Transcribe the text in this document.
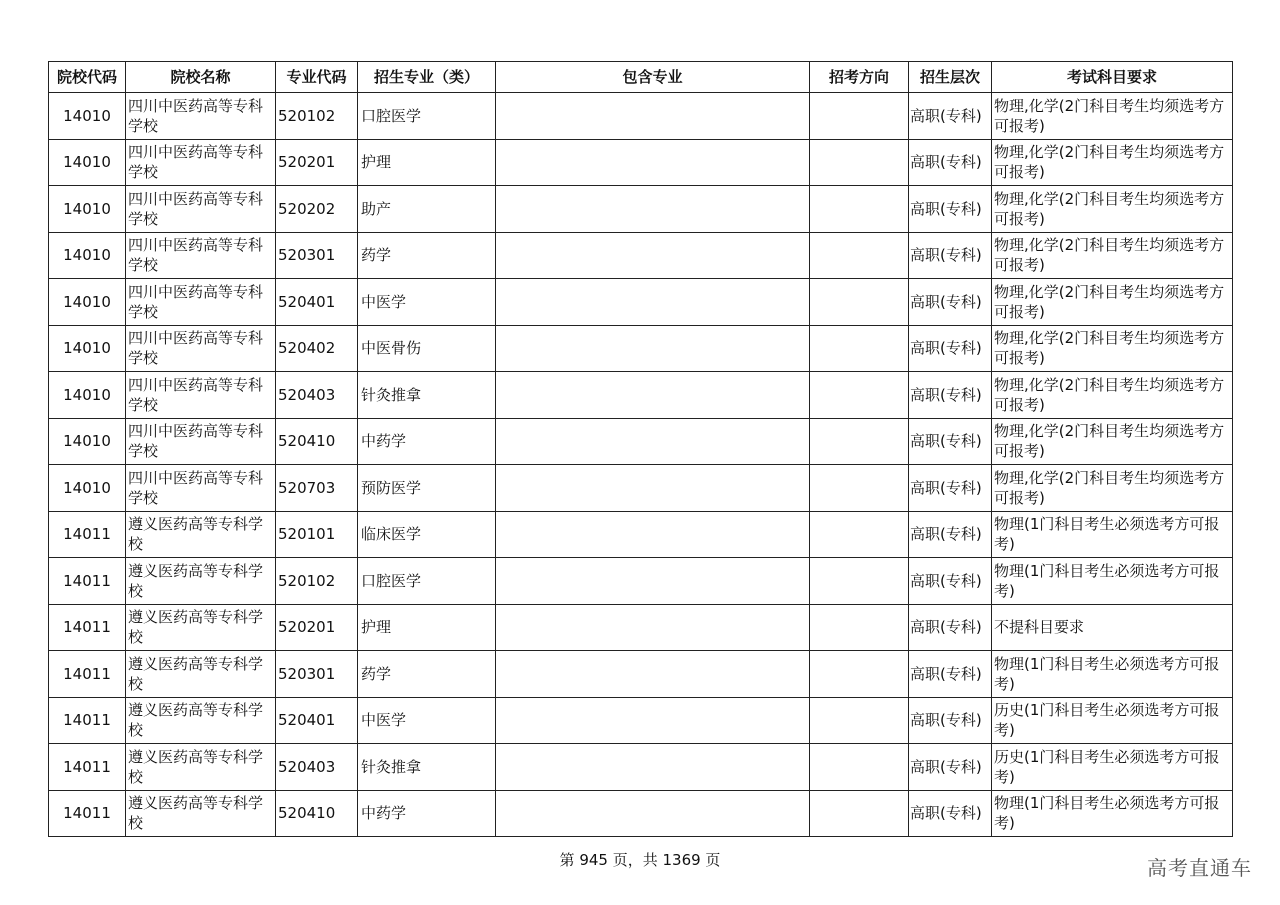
院校代码	院校名称	专业代码	招生专业（类）	包含专业	招考方向	招生层次	考试科目要求
14010	四川中医药高等专科学校	520102	口腔医学			高职(专科)	物理,化学(2门科目考生均须选考方可报考)
14010	四川中医药高等专科学校	520201	护理			高职(专科)	物理,化学(2门科目考生均须选考方可报考)
14010	四川中医药高等专科学校	520202	助产			高职(专科)	物理,化学(2门科目考生均须选考方可报考)
14010	四川中医药高等专科学校	520301	药学			高职(专科)	物理,化学(2门科目考生均须选考方可报考)
14010	四川中医药高等专科学校	520401	中医学			高职(专科)	物理,化学(2门科目考生均须选考方可报考)
14010	四川中医药高等专科学校	520402	中医骨伤			高职(专科)	物理,化学(2门科目考生均须选考方可报考)
14010	四川中医药高等专科学校	520403	针灸推拿			高职(专科)	物理,化学(2门科目考生均须选考方可报考)
14010	四川中医药高等专科学校	520410	中药学			高职(专科)	物理,化学(2门科目考生均须选考方可报考)
14010	四川中医药高等专科学校	520703	预防医学			高职(专科)	物理,化学(2门科目考生均须选考方可报考)
14011	遵义医药高等专科学校	520101	临床医学			高职(专科)	物理(1门科目考生必须选考方可报考)
14011	遵义医药高等专科学校	520102	口腔医学			高职(专科)	物理(1门科目考生必须选考方可报考)
14011	遵义医药高等专科学校	520201	护理			高职(专科)	不提科目要求
14011	遵义医药高等专科学校	520301	药学			高职(专科)	物理(1门科目考生必须选考方可报考)
14011	遵义医药高等专科学校	520401	中医学			高职(专科)	历史(1门科目考生必须选考方可报考)
14011	遵义医药高等专科学校	520403	针灸推拿			高职(专科)	历史(1门科目考生必须选考方可报考)
14011	遵义医药高等专科学校	520410	中药学			高职(专科)	物理(1门科目考生必须选考方可报考)
第 945 页，共 1369 页	高考直通车
